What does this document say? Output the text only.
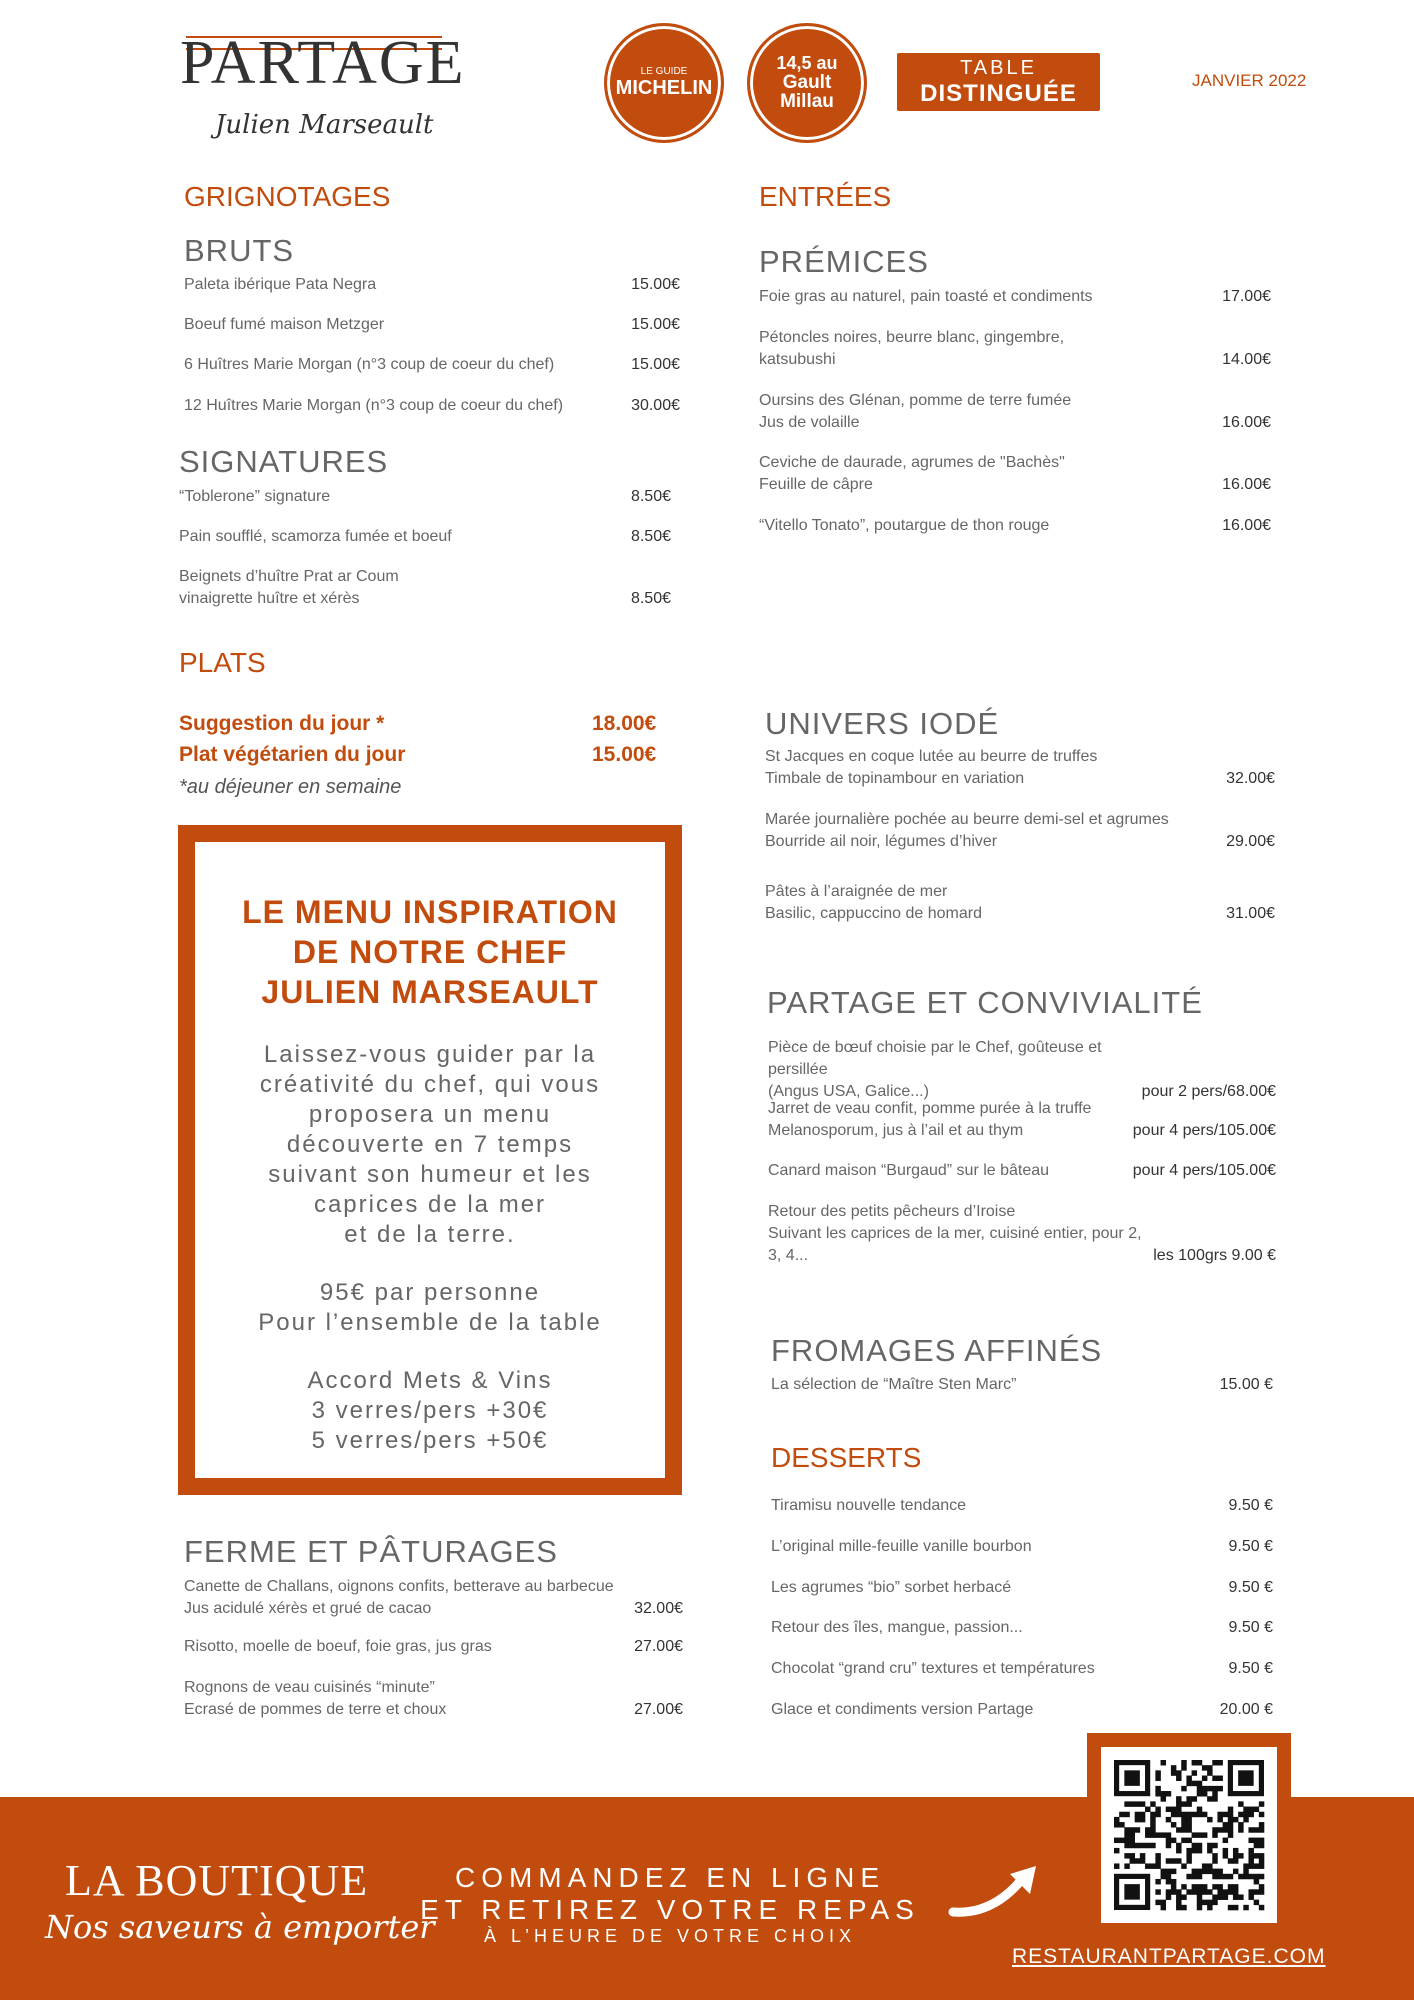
PARTAGE
Julien Marseault
LE GUIDE
MICHELIN
14,5 au
Gault
Millau
TABLE
DISTINGUÉE	JANVIER 2022
GRIGNOTAGES
BRUTS
Paleta ibérique Pata Negra	15.00€
Boeuf fumé maison Metzger	15.00€
6 Huîtres Marie Morgan (n°3 coup de coeur du chef)	15.00€
12 Huîtres Marie Morgan (n°3 coup de coeur du chef)	30.00€
SIGNATURES
“Toblerone” signature	8.50€
Pain soufflé, scamorza fumée et boeuf	8.50€
Beignets d’huître Prat ar Coum
vinaigrette huître et xérès	8.50€
ENTRÉES
PRÉMICES
Foie gras au naturel, pain toasté et condiments	17.00€
Pétoncles noires, beurre blanc, gingembre,
katsubushi	14.00€
Oursins des Glénan, pomme de terre fumée
Jus de volaille	16.00€
Ceviche de daurade, agrumes de "Bachès"
Feuille de câpre	16.00€
“Vitello Tonato”, poutargue de thon rouge	16.00€
PLATS
Suggestion du jour *	18.00€
Plat végétarien du jour	15.00€
*au déjeuner en semaine
LE MENU INSPIRATION
DE NOTRE CHEF
JULIEN MARSEAULT
Laissez-vous guider par la
créativité du chef, qui vous
proposera un menu
découverte en 7 temps
suivant son humeur et les
caprices de la mer
et de la terre.
95€ par personne
Pour l’ensemble de la table
Accord Mets & Vins
3 verres/pers +30€
5 verres/pers +50€
FERME ET PÂTURAGES
Canette de Challans, oignons confits, betterave au barbecue
Jus acidulé xérès et grué de cacao	32.00€
Risotto, moelle de boeuf, foie gras, jus gras	27.00€
Rognons de veau cuisinés “minute”
Ecrasé de pommes de terre et choux	27.00€
UNIVERS IODÉ
St Jacques en coque lutée au beurre de truffes
Timbale de topinambour en variation	32.00€
Marée journalière pochée au beurre demi-sel et agrumes
Bourride ail noir, légumes d’hiver	29.00€
Pâtes à l’araignée de mer
Basilic, cappuccino de homard	31.00€
PARTAGE ET CONVIVIALITÉ
Pièce de bœuf choisie par le Chef, goûteuse et persillée
(Angus USA, Galice...)	pour 2 pers/68.00€
Jarret de veau confit, pomme purée à la truffe
Melanosporum, jus à l’ail et au thym	pour 4 pers/105.00€
Canard maison “Burgaud” sur le bâteau	pour 4 pers/105.00€
Retour des petits pêcheurs d’Iroise
Suivant les caprices de la mer, cuisiné entier, pour 2, 3, 4...	les 100grs 9.00 €
FROMAGES AFFINÉS
La sélection de “Maître Sten Marc”	15.00 €
DESSERTS
Tiramisu nouvelle tendance	9.50 €
L’original mille-feuille vanille bourbon	9.50 €
Les agrumes “bio” sorbet herbacé	9.50 €
Retour des îles, mangue, passion...	9.50 €
Chocolat “grand cru” textures et températures	9.50 €
Glace et condiments version Partage	20.00 €
LA BOUTIQUE
Nos saveurs à emporter
COMMANDEZ EN LIGNE
ET RETIREZ VOTRE REPAS
À L’HEURE DE VOTRE CHOIX
RESTAURANTPARTAGE.COM
